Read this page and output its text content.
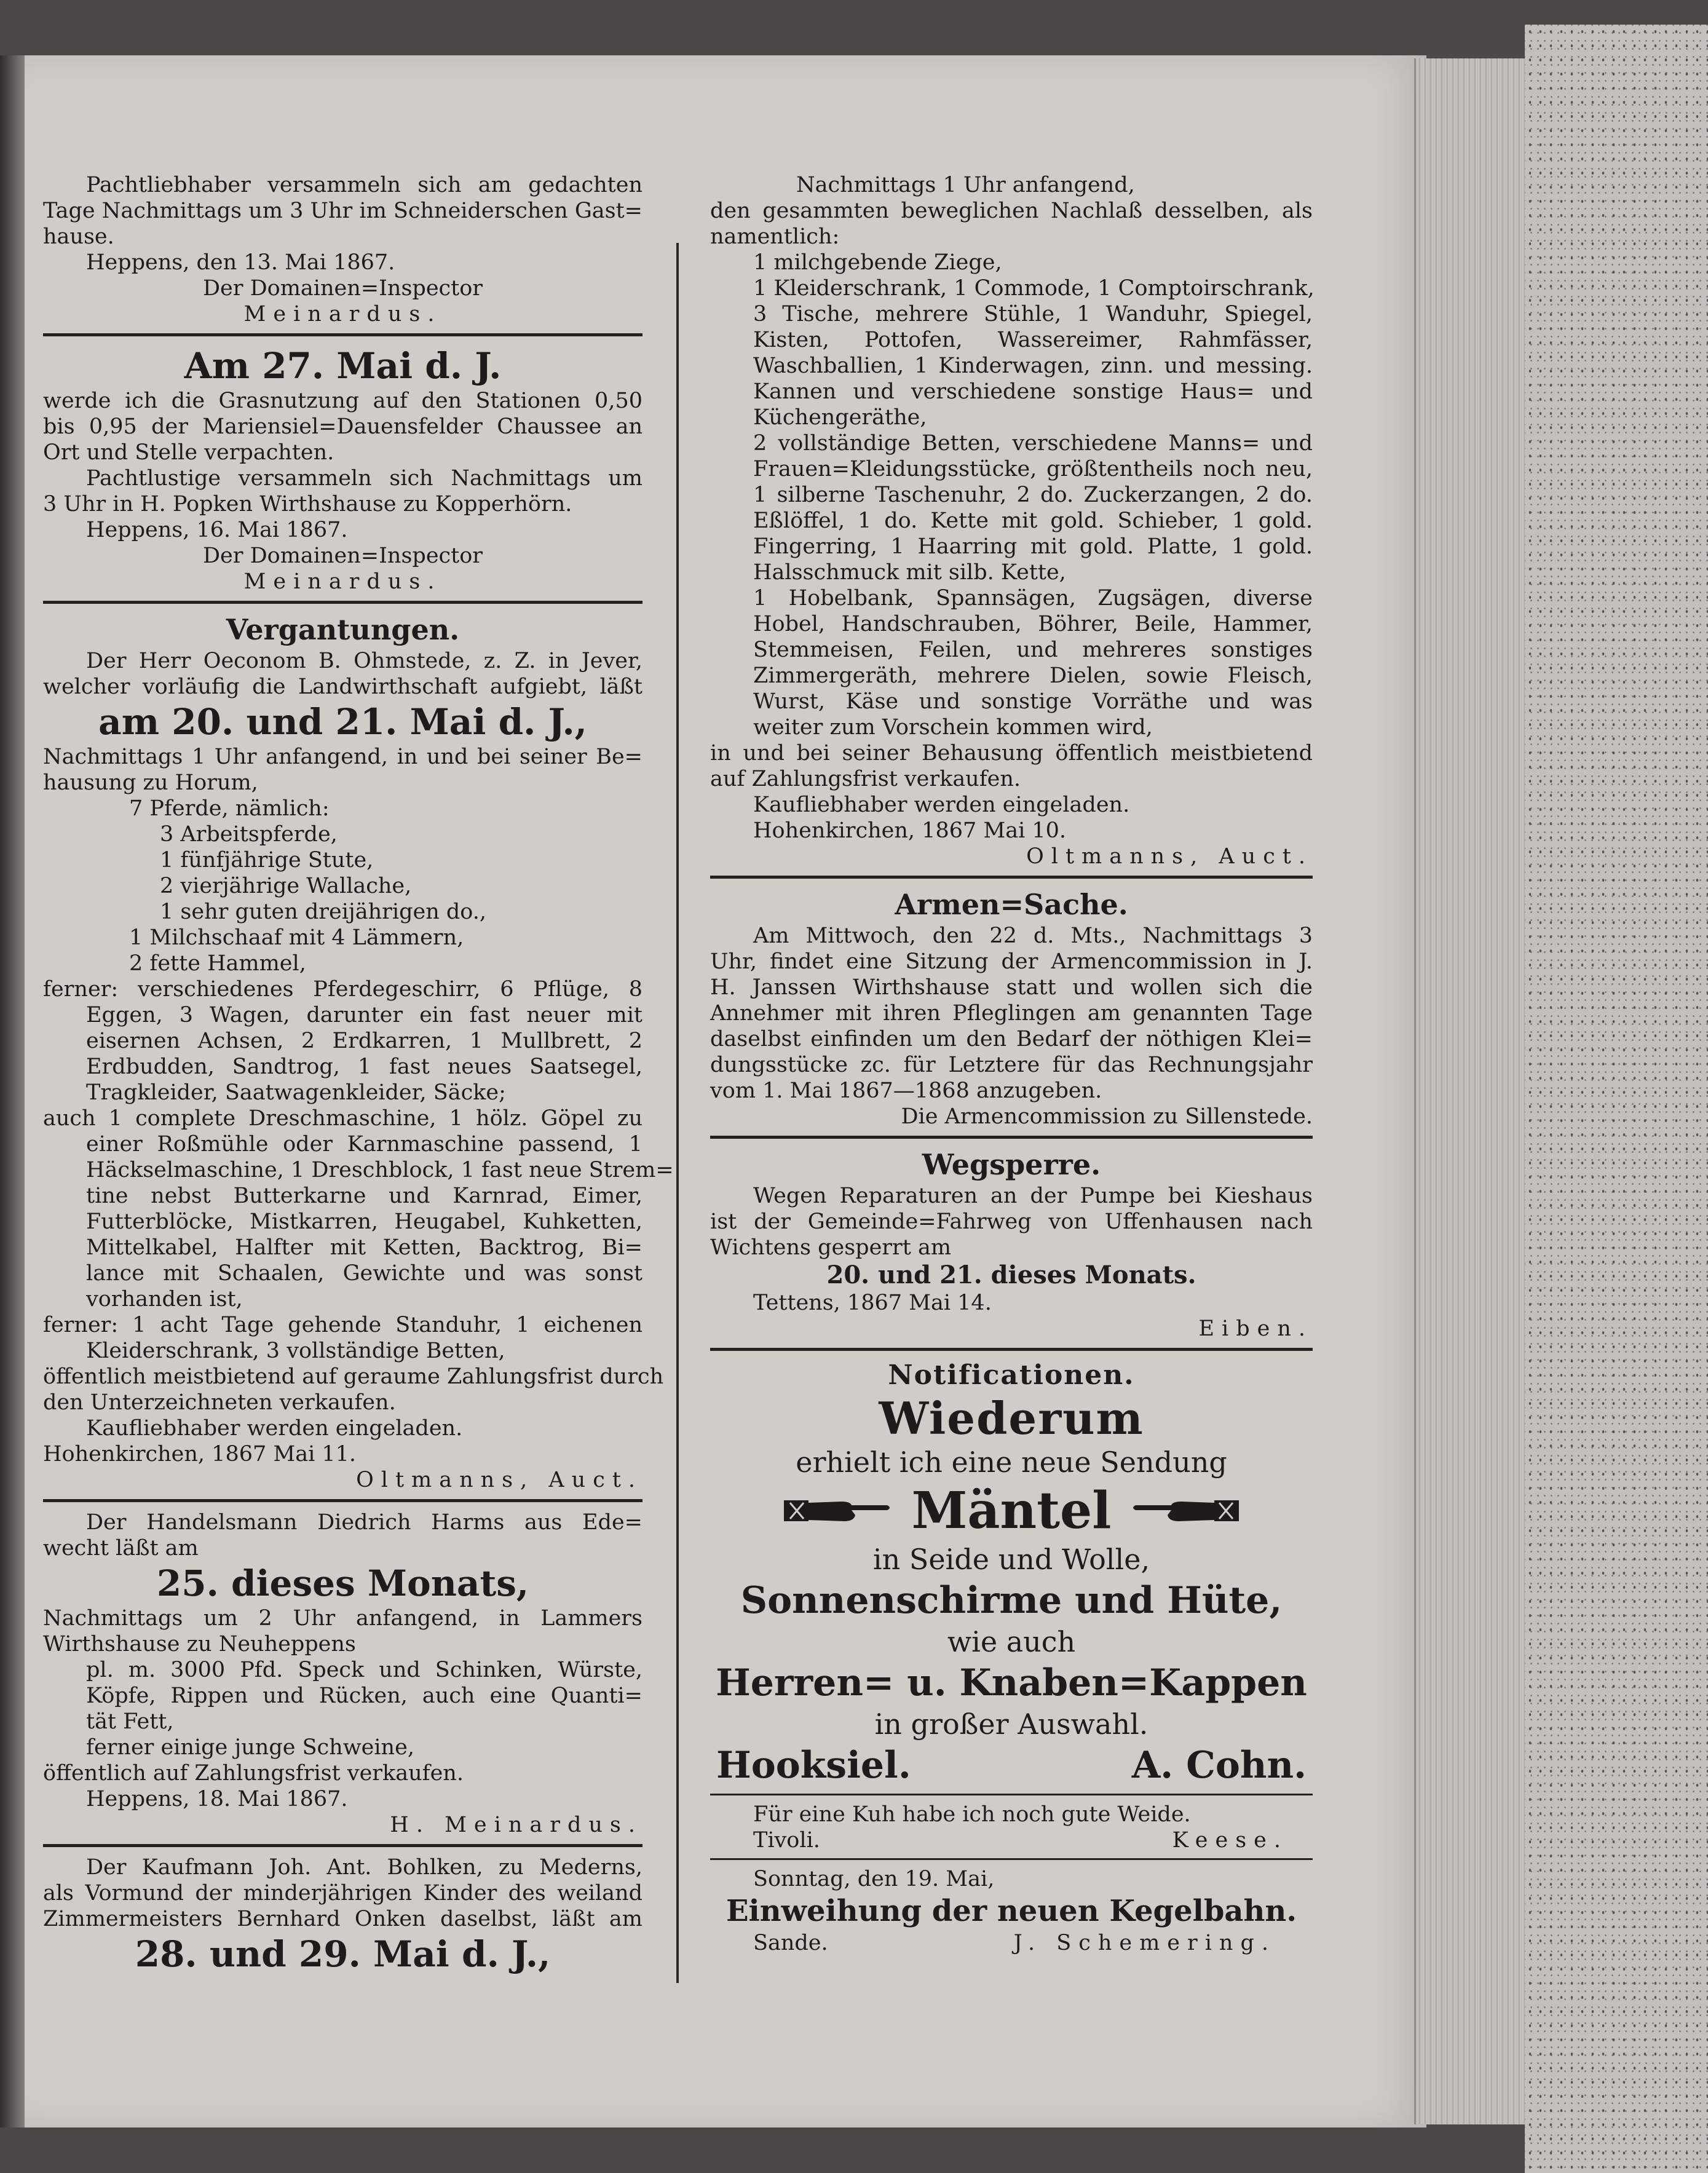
Pachtliebhaber versammeln sich am gedachten
Tage Nachmittags um 3 Uhr im Schneiderschen Gast=
hause.
Heppens, den 13. Mai 1867.
Der Domainen=Inspector
Meinardus.
Am 27. Mai d. J.
werde ich die Grasnutzung auf den Stationen 0,50
bis 0,95 der Mariensiel=Dauensfelder Chaussee an
Ort und Stelle verpachten.
Pachtlustige versammeln sich Nachmittags um
3 Uhr in H. Popken Wirthshause zu Kopperhörn.
Heppens, 16. Mai 1867.
Der Domainen=Inspector
Meinardus.
Vergantungen.
Der Herr Oeconom B. Ohmstede, z. Z. in Jever,
welcher vorläufig die Landwirthschaft aufgiebt, läßt
am 20. und 21. Mai d. J.,
Nachmittags 1 Uhr anfangend, in und bei seiner Be=
hausung zu Horum,
7 Pferde, nämlich:
3 Arbeitspferde,
1 fünfjährige Stute,
2 vierjährige Wallache,
1 sehr guten dreijährigen do.,
1 Milchschaaf mit 4 Lämmern,
2 fette Hammel,
ferner: verschiedenes Pferdegeschirr, 6 Pflüge, 8
Eggen, 3 Wagen, darunter ein fast neuer mit
eisernen Achsen, 2 Erdkarren, 1 Mullbrett, 2
Erdbudden, Sandtrog, 1 fast neues Saatsegel,
Tragkleider, Saatwagenkleider, Säcke;
auch 1 complete Dreschmaschine, 1 hölz. Göpel zu
einer Roßmühle oder Karnmaschine passend, 1
Häckselmaschine, 1 Dreschblock, 1 fast neue Strem=
tine nebst Butterkarne und Karnrad, Eimer,
Futterblöcke, Mistkarren, Heugabel, Kuhketten,
Mittelkabel, Halfter mit Ketten, Backtrog, Bi=
lance mit Schaalen, Gewichte und was sonst
vorhanden ist,
ferner: 1 acht Tage gehende Standuhr, 1 eichenen
Kleiderschrank, 3 vollständige Betten,
öffentlich meistbietend auf geraume Zahlungsfrist durch
den Unterzeichneten verkaufen.
Kaufliebhaber werden eingeladen.
Hohenkirchen, 1867 Mai 11.
Oltmanns, Auct.
Der Handelsmann Diedrich Harms aus Ede=
wecht läßt am
25. dieses Monats,
Nachmittags um 2 Uhr anfangend, in Lammers
Wirthshause zu Neuheppens
pl. m. 3000 Pfd. Speck und Schinken, Würste,
Köpfe, Rippen und Rücken, auch eine Quanti=
tät Fett,
ferner einige junge Schweine,
öffentlich auf Zahlungsfrist verkaufen.
Heppens, 18. Mai 1867.
H. Meinardus.
Der Kaufmann Joh. Ant. Bohlken, zu Mederns,
als Vormund der minderjährigen Kinder des weiland
Zimmermeisters Bernhard Onken daselbst, läßt am
28. und 29. Mai d. J.,
Nachmittags 1 Uhr anfangend,
den gesammten beweglichen Nachlaß desselben, als
namentlich:
1 milchgebende Ziege,
1 Kleiderschrank, 1 Commode, 1 Comptoirschrank,
3 Tische, mehrere Stühle, 1 Wanduhr, Spiegel,
Kisten, Pottofen, Wassereimer, Rahmfässer,
Waschballien, 1 Kinderwagen, zinn. und messing.
Kannen und verschiedene sonstige Haus= und
Küchengeräthe,
2 vollständige Betten, verschiedene Manns= und
Frauen=Kleidungsstücke, größtentheils noch neu,
1 silberne Taschenuhr, 2 do. Zuckerzangen, 2 do.
Eßlöffel, 1 do. Kette mit gold. Schieber, 1 gold.
Fingerring, 1 Haarring mit gold. Platte, 1 gold.
Halsschmuck mit silb. Kette,
1 Hobelbank, Spannsägen, Zugsägen, diverse
Hobel, Handschrauben, Böhrer, Beile, Hammer,
Stemmeisen, Feilen, und mehreres sonstiges
Zimmergeräth, mehrere Dielen, sowie Fleisch,
Wurst, Käse und sonstige Vorräthe und was
weiter zum Vorschein kommen wird,
in und bei seiner Behausung öffentlich meistbietend
auf Zahlungsfrist verkaufen.
Kaufliebhaber werden eingeladen.
Hohenkirchen, 1867 Mai 10.
Oltmanns, Auct.
Armen=Sache.
Am Mittwoch, den 22 d. Mts., Nachmittags 3
Uhr, findet eine Sitzung der Armencommission in J.
H. Janssen Wirthshause statt und wollen sich die
Annehmer mit ihren Pfleglingen am genannten Tage
daselbst einfinden um den Bedarf der nöthigen Klei=
dungsstücke zc. für Letztere für das Rechnungsjahr
vom 1. Mai 1867—1868 anzugeben.
Die Armencommission zu Sillenstede.
Wegsperre.
Wegen Reparaturen an der Pumpe bei Kieshaus
ist der Gemeinde=Fahrweg von Uffenhausen nach
Wichtens gesperrt am
20. und 21. dieses Monats.
Tettens, 1867 Mai 14.
Eiben.
Notificationen.
Wiederum
erhielt ich eine neue Sendung
Mäntel
in Seide und Wolle,
Sonnenschirme und Hüte,
wie auch
Herren= u. Knaben=Kappen
in großer Auswahl.
Hooksiel.	A. Cohn.
Für eine Kuh habe ich noch gute Weide.
Tivoli.	Keese.
Sonntag, den 19. Mai,
Einweihung der neuen Kegelbahn.
Sande.	J. Schemering.
